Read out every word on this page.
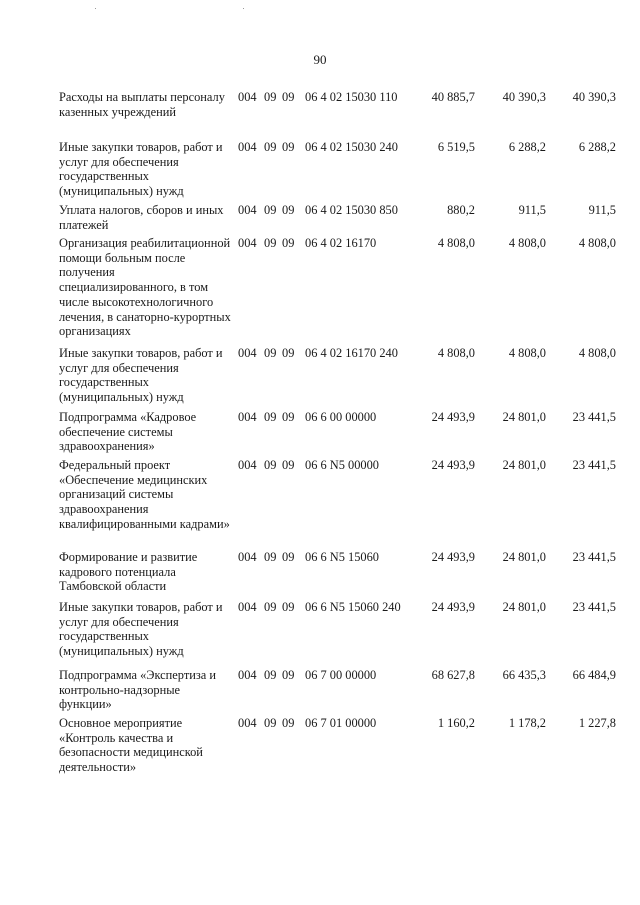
90
Расходы на выплаты персоналу казенных учреждений
004 09 09 06 4 02 15030 110	40 885,7	40 390,3	40 390,3
Иные закупки товаров, работ и услуг для обеспечения государственных (муниципальных) нужд
004 09 09 06 4 02 15030 240	6 519,5	6 288,2	6 288,2
Уплата налогов, сборов и иных платежей
004 09 09 06 4 02 15030 850	880,2	911,5	911,5
Организация реабилитационной помощи больным после получения специализированного, в том числе высокотехнологичного лечения, в санаторно-курортных организациях
004 09 09 06 4 02 16170	4 808,0	4 808,0	4 808,0
Иные закупки товаров, работ и услуг для обеспечения государственных (муниципальных) нужд
004 09 09 06 4 02 16170 240	4 808,0	4 808,0	4 808,0
Подпрограмма «Кадровое обеспечение системы здравоохранения»
004 09 09 06 6 00 00000	24 493,9	24 801,0	23 441,5
Федеральный проект «Обеспечение медицинских организаций системы здравоохранения квалифицированными кадрами»
004 09 09 06 6 N5 00000	24 493,9	24 801,0	23 441,5
Формирование и развитие кадрового потенциала Тамбовской области
004 09 09 06 6 N5 15060	24 493,9	24 801,0	23 441,5
Иные закупки товаров, работ и услуг для обеспечения государственных (муниципальных) нужд
004 09 09 06 6 N5 15060 240	24 493,9	24 801,0	23 441,5
Подпрограмма «Экспертиза и контрольно-надзорные функции»
004 09 09 06 7 00 00000	68 627,8	66 435,3	66 484,9
Основное мероприятие «Контроль качества и безопасности медицинской деятельности»
004 09 09 06 7 01 00000	1 160,2	1 178,2	1 227,8
